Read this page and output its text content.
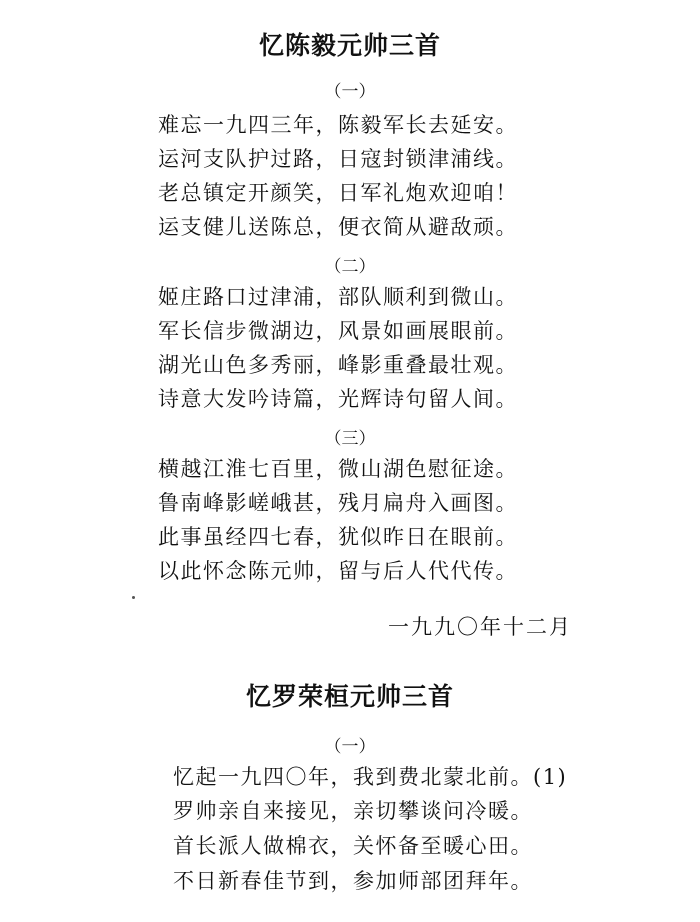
忆陈毅元帅三首
（一）
难忘一九四三年，陈毅军长去延安。
运河支队护过路，日寇封锁津浦线。
老总镇定开颜笑，日军礼炮欢迎咱！
运支健儿送陈总，便衣简从避敌顽。
（二）
姬庄路口过津浦，部队顺利到微山。
军长信步微湖边，风景如画展眼前。
湖光山色多秀丽，峰影重叠最壮观。
诗意大发吟诗篇，光辉诗句留人间。
（三）
横越江淮七百里，微山湖色慰征途。
鲁南峰影嵯峨甚，残月扁舟入画图。
此事虽经四七春，犹似昨日在眼前。
以此怀念陈元帅，留与后人代代传。
一九九〇年十二月
忆罗荣桓元帅三首
（一）
忆起一九四〇年，我到费北蒙北前。(1)
罗帅亲自来接见，亲切攀谈问冷暖。
首长派人做棉衣，关怀备至暖心田。
不日新春佳节到，参加师部团拜年。
